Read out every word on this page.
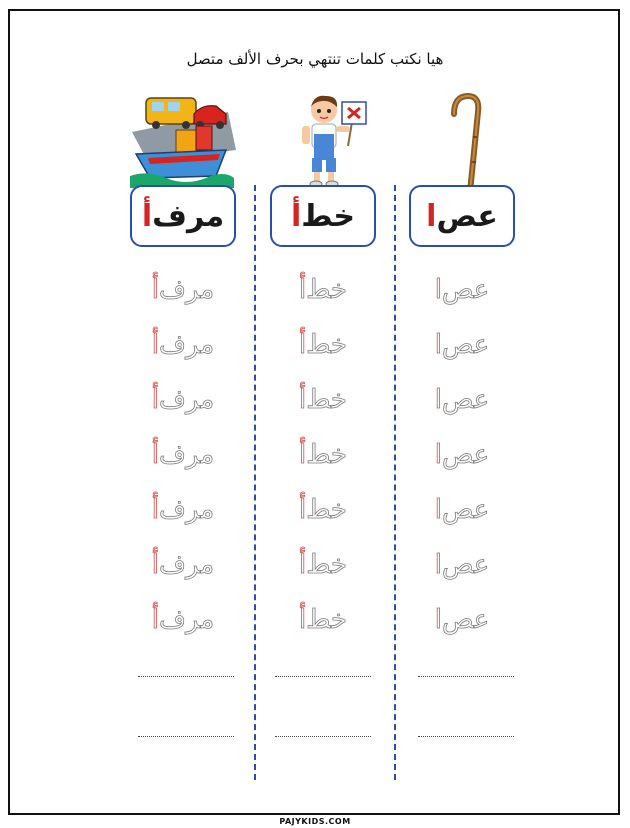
هيا نكتب كلمات تنتهي بحرف الألف متصل
مرف
أ	خط
أ	عص
ا
مرف
أ
مرف
أ
مرف
أ
مرف
أ
مرف
أ
مرف
أ
مرف
أ
خط
أ
خط
أ
خط
أ
خط
أ
خط
أ
خط
أ
خط
أ
عص
ا
عص
ا
عص
ا
عص
ا
عص
ا
عص
ا
عص
ا
PAJYKIDS.COM
